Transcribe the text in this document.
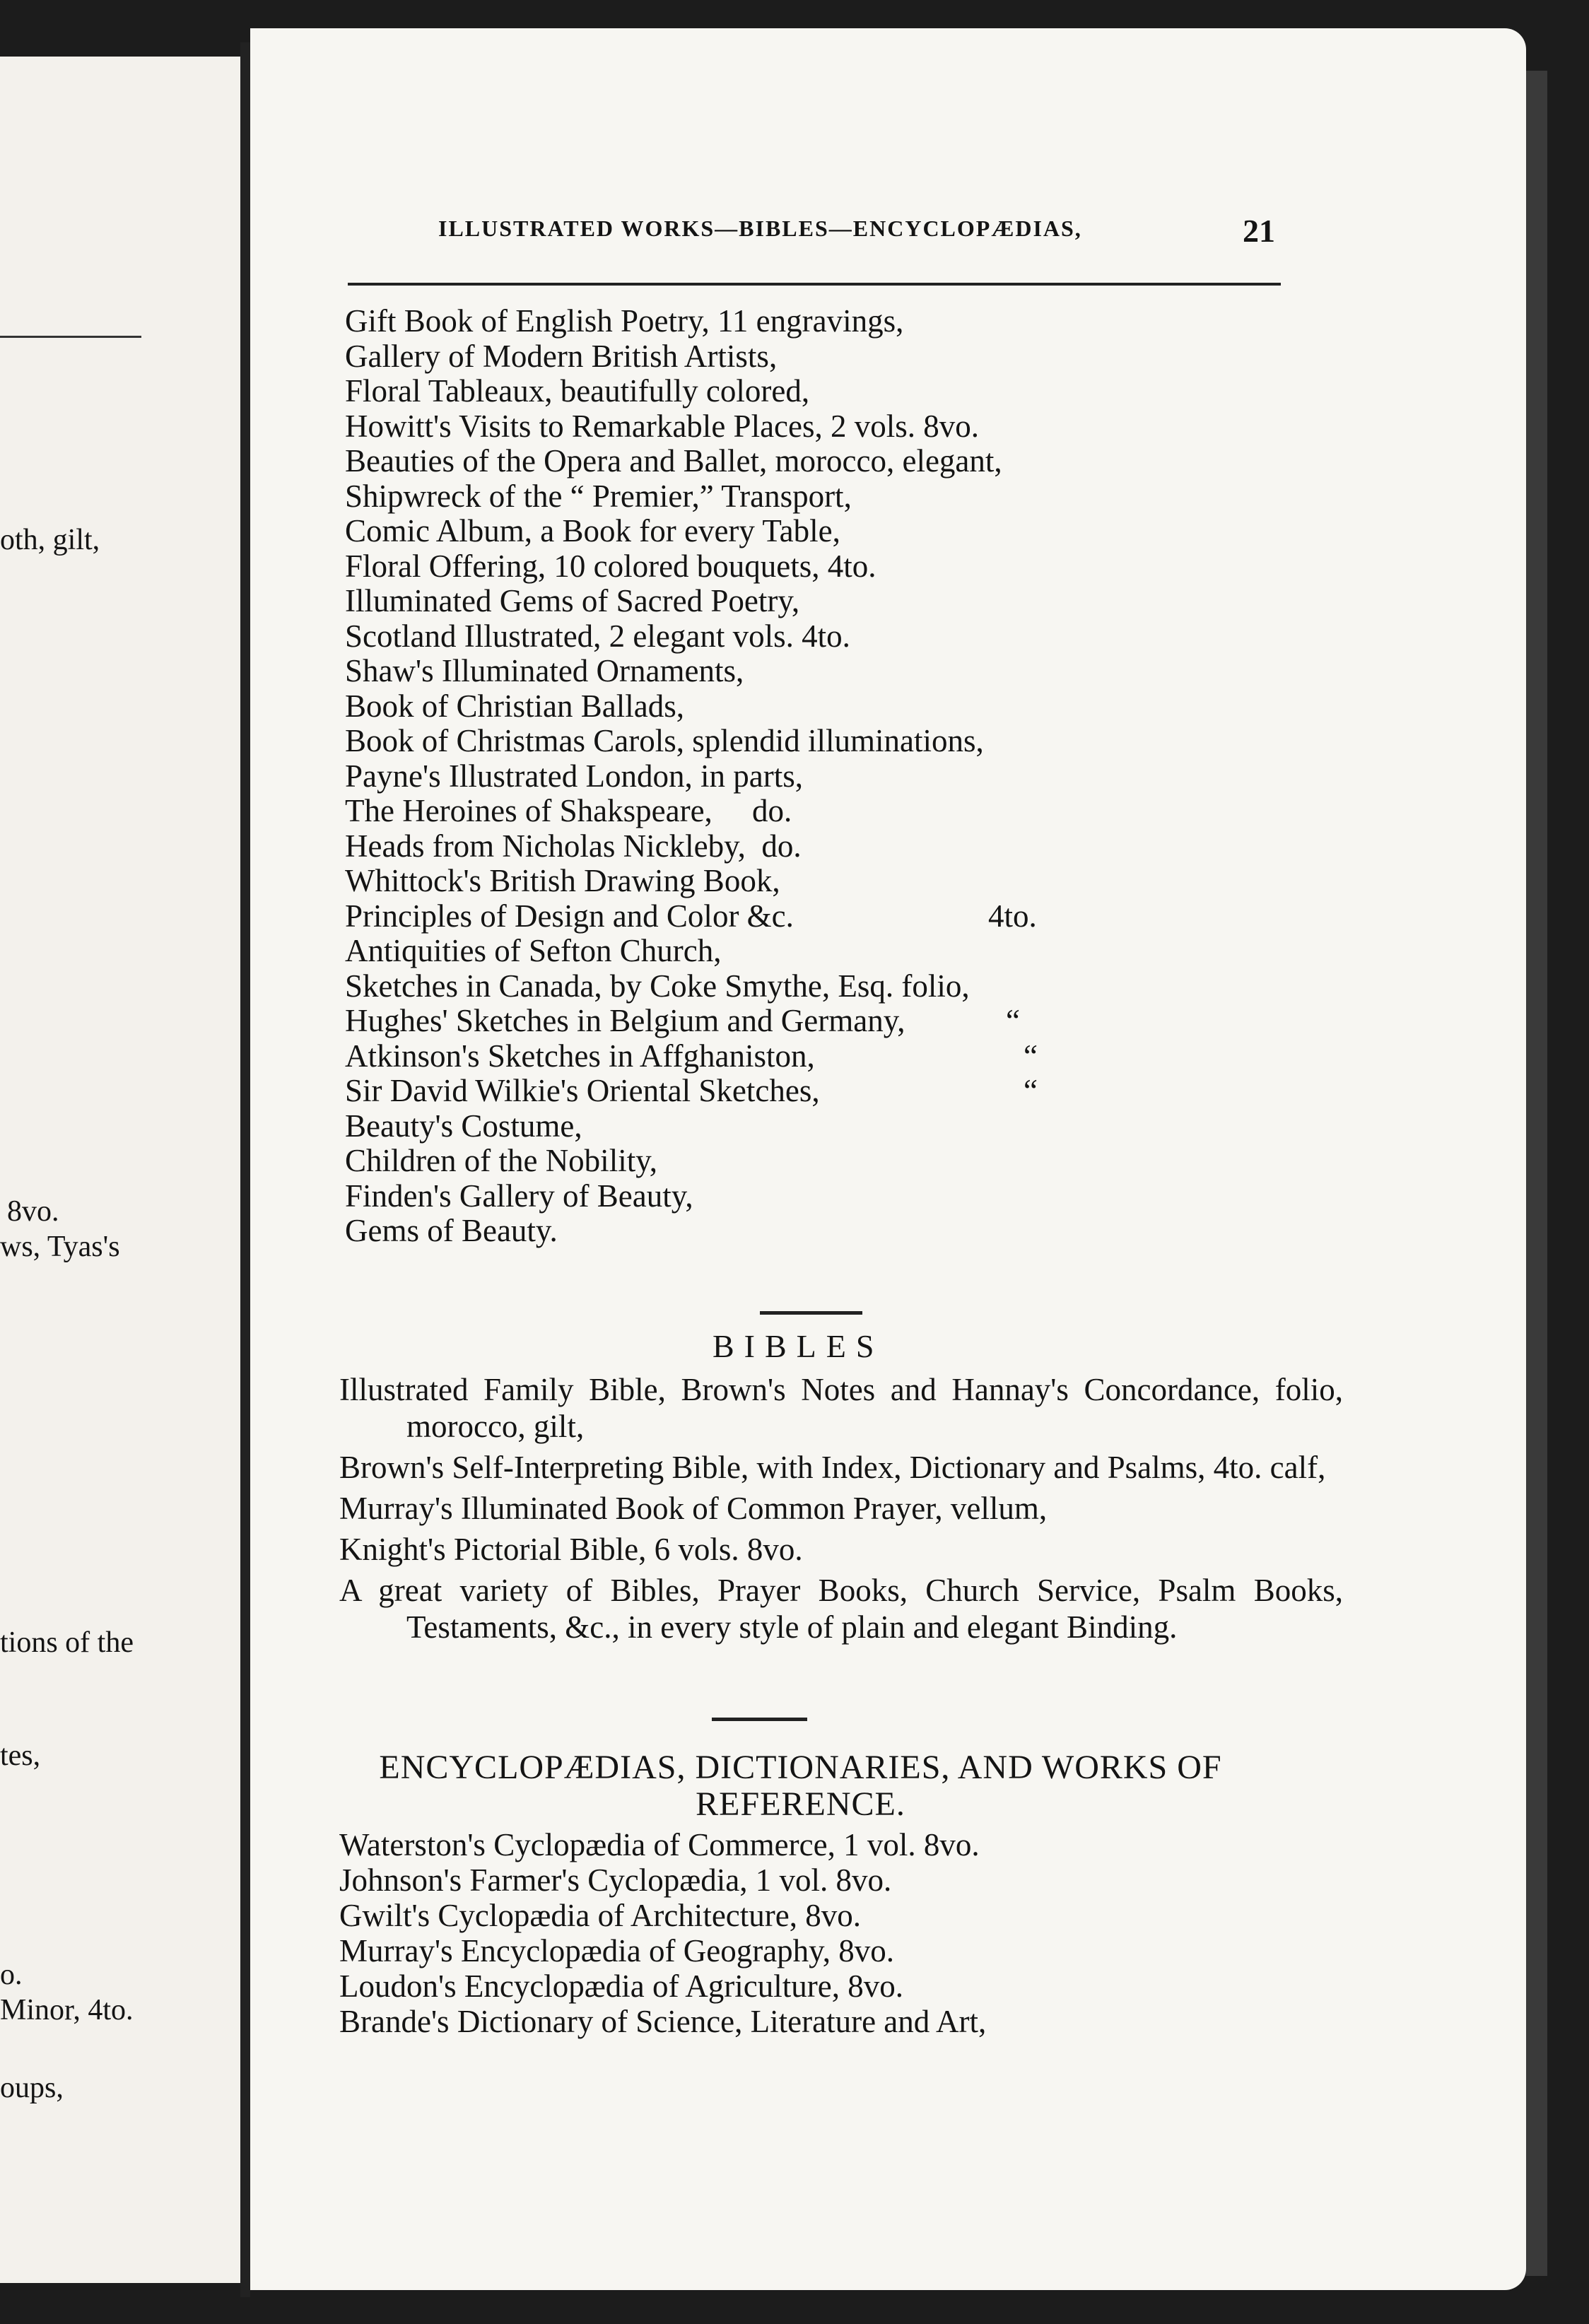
oth, gilt,
8vo.
ws, Tyas's
tions of the
tes,
o.
Minor, 4to.
oups,
ILLUSTRATED WORKS—BIBLES—ENCYCLOPÆDIAS,	21
Gift Book of English Poetry, 11 engravings,
Gallery of Modern British Artists,
Floral Tableaux, beautifully colored,
Howitt's Visits to Remarkable Places, 2 vols. 8vo.
Beauties of the Opera and Ballet, morocco, elegant,
Shipwreck of the “ Premier,” Transport,
Comic Album, a Book for every Table,
Floral Offering, 10 colored bouquets, 4to.
Illuminated Gems of Sacred Poetry,
Scotland Illustrated, 2 elegant vols. 4to.
Shaw's Illuminated Ornaments,
Book of Christian Ballads,
Book of Christmas Carols, splendid illuminations,
Payne's Illustrated London, in parts,
The Heroines of Shakspeare,     do.
Heads from Nicholas Nickleby,  do.
Whittock's British Drawing Book,
Principles of Design and Color &c.	4to.
Antiquities of Sefton Church,
Sketches in Canada, by Coke Smythe, Esq. folio,
Hughes' Sketches in Belgium and Germany,	“
Atkinson's Sketches in Affghaniston,	“
Sir David Wilkie's Oriental Sketches,	“
Beauty's Costume,
Children of the Nobility,
Finden's Gallery of Beauty,
Gems of Beauty.
BIBLES
Illustrated Family Bible, Brown's Notes and Hannay's Concordance, folio, morocco, gilt,
Brown's Self-Interpreting Bible, with Index, Dictionary and Psalms, 4to. calf,
Murray's Illuminated Book of Common Prayer, vellum,
Knight's Pictorial Bible, 6 vols. 8vo.
A great variety of Bibles, Prayer Books, Church Service, Psalm Books, Testaments, &c., in every style of plain and elegant Binding.
ENCYCLOPÆDIAS, DICTIONARIES, AND WORKS OF REFERENCE.
Waterston's Cyclopædia of Commerce, 1 vol. 8vo.
Johnson's Farmer's Cyclopædia, 1 vol. 8vo.
Gwilt's Cyclopædia of Architecture, 8vo.
Murray's Encyclopædia of Geography, 8vo.
Loudon's Encyclopædia of Agriculture, 8vo.
Brande's Dictionary of Science, Literature and Art,
